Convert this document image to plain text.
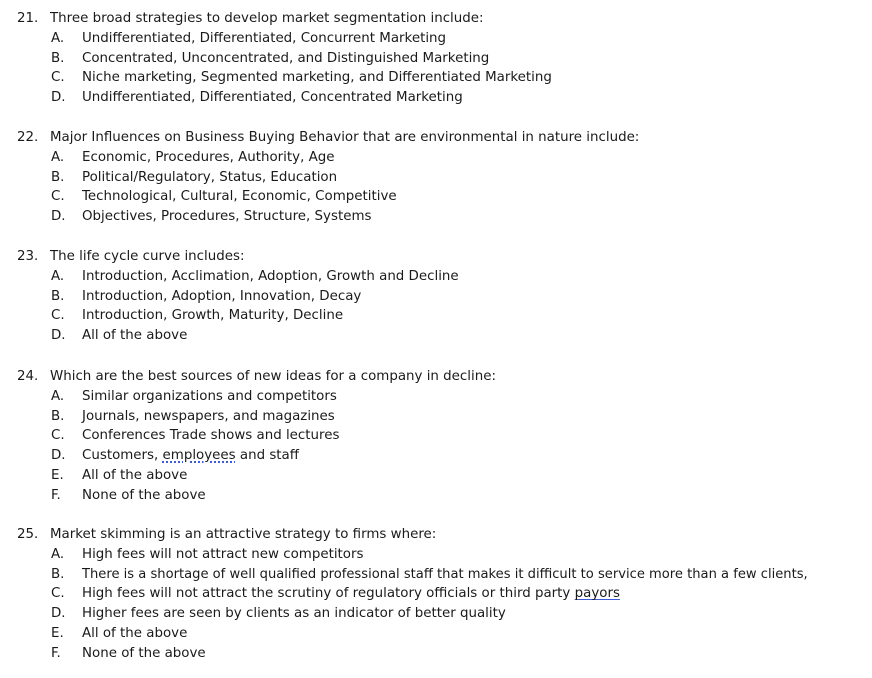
21. Three broad strategies to develop market segmentation include:
A. Undifferentiated, Differentiated, Concurrent Marketing
B. Concentrated, Unconcentrated, and Distinguished Marketing
C. Niche marketing, Segmented marketing, and Differentiated Marketing
D. Undifferentiated, Differentiated, Concentrated Marketing
22. Major Influences on Business Buying Behavior that are environmental in nature include:
A. Economic, Procedures, Authority, Age
B. Political/Regulatory, Status, Education
C. Technological, Cultural, Economic, Competitive
D. Objectives, Procedures, Structure, Systems
23. The life cycle curve includes:
A. Introduction, Acclimation, Adoption, Growth and Decline
B. Introduction, Adoption, Innovation, Decay
C. Introduction, Growth, Maturity, Decline
D. All of the above
24. Which are the best sources of new ideas for a company in decline:
A. Similar organizations and competitors
B. Journals, newspapers, and magazines
C. Conferences Trade shows and lectures
D. Customers, employees and staff
E. All of the above
F. None of the above
25. Market skimming is an attractive strategy to firms where:
A. High fees will not attract new competitors
B. There is a shortage of well qualified professional staff that makes it difficult to service more than a few clients,
C. High fees will not attract the scrutiny of regulatory officials or third party payors
D. Higher fees are seen by clients as an indicator of better quality
E. All of the above
F. None of the above
